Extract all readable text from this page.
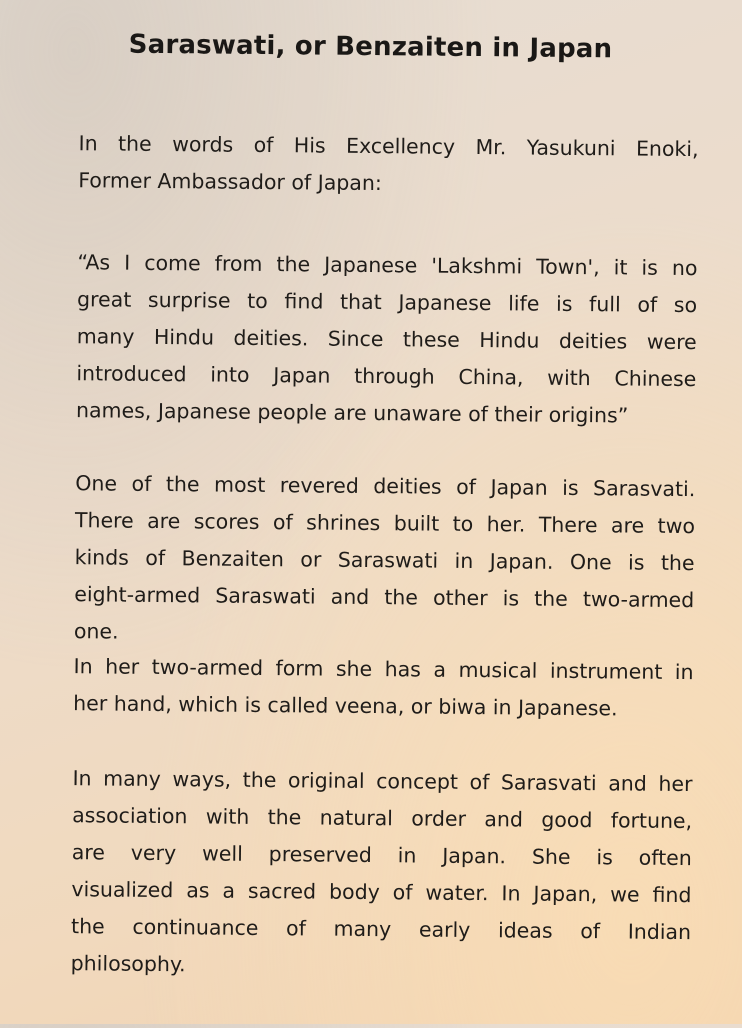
Saraswati, or Benzaiten in Japan

In the words of His Excellency Mr. Yasukuni Enoki,
Former Ambassador of Japan:

“As I come from the Japanese 'Lakshmi Town', it is no
great surprise to find that Japanese life is full of so
many Hindu deities. Since these Hindu deities were
introduced into Japan through China, with Chinese
names, Japanese people are unaware of their origins”

One of the most revered deities of Japan is Sarasvati.
There are scores of shrines built to her. There are two
kinds of Benzaiten or Saraswati in Japan. One is the
eight-armed Saraswati and the other is the two-armed
one.

In her two-armed form she has a musical instrument in
her hand, which is called veena, or biwa in Japanese.

In many ways, the original concept of Sarasvati and her
association with the natural order and good fortune,
are very well preserved in Japan. She is often
visualized as a sacred body of water. In Japan, we find
the continuance of many early ideas of Indian
philosophy.
